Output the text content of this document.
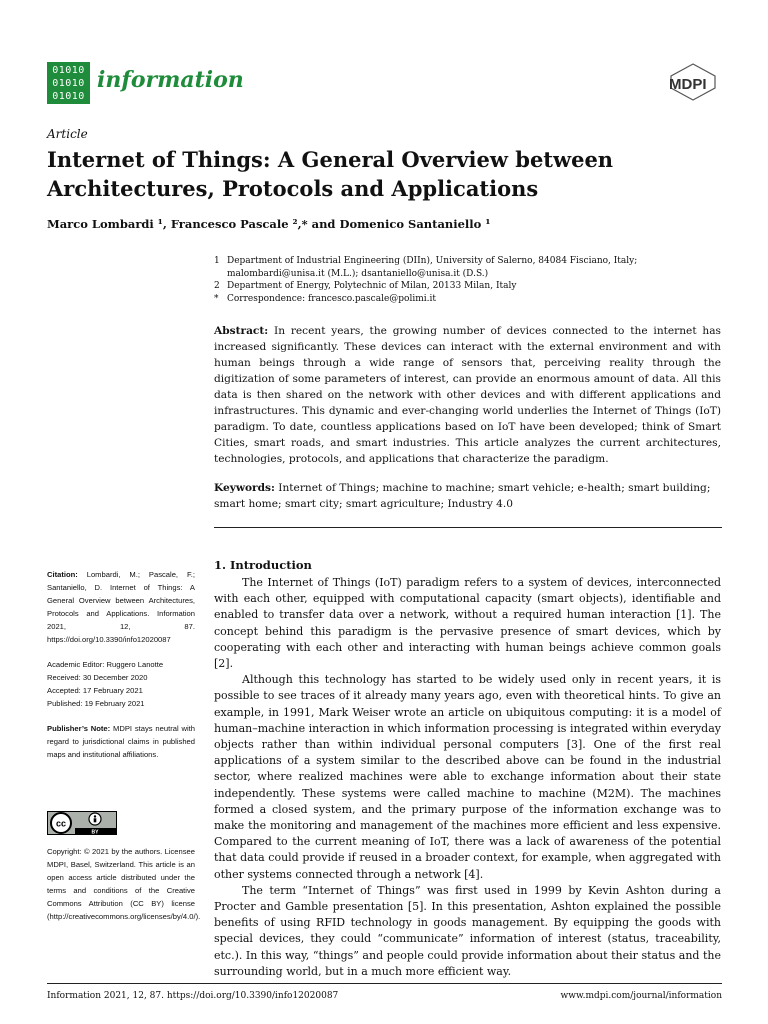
01010
01010
01010
information	MDPI
Article
Internet of Things: A General Overview between Architectures, Protocols and Applications
Marco Lombardi ¹, Francesco Pascale ²,* and Domenico Santaniello ¹
1 Department of Industrial Engineering (DIIn), University of Salerno, 84084 Fisciano, Italy;
malombardi@unisa.it (M.L.); dsantaniello@unisa.it (D.S.)
2 Department of Energy, Polytechnic of Milan, 20133 Milan, Italy
* Correspondence: francesco.pascale@polimi.it
Abstract: In recent years, the growing number of devices connected to the internet has increased significantly. These devices can interact with the external environment and with human beings through a wide range of sensors that, perceiving reality through the digitization of some parameters of interest, can provide an enormous amount of data. All this data is then shared on the network with other devices and with different applications and infrastructures. This dynamic and ever-changing world underlies the Internet of Things (IoT) paradigm. To date, countless applications based on IoT have been developed; think of Smart Cities, smart roads, and smart industries. This article analyzes the current architectures, technologies, protocols, and applications that characterize the paradigm.
Keywords: Internet of Things; machine to machine; smart vehicle; e-health; smart building; smart home; smart city; smart agriculture; Industry 4.0

Citation: Lombardi, M.; Pascale, F.; Santaniello, D. Internet of Things: A General Overview between Architectures, Protocols and Applications. Information 2021, 12, 87. https://doi.org/10.3390/info12020087

Academic Editor: Ruggero Lanotte
Received: 30 December 2020
Accepted: 17 February 2021
Published: 19 February 2021

Publisher’s Note: MDPI stays neutral with regard to jurisdictional claims in published maps and institutional affiliations.

cc
BY
Copyright: © 2021 by the authors. Licensee MDPI, Basel, Switzerland. This article is an open access article distributed under the terms and conditions of the Creative Commons Attribution (CC BY) license (http://creativecommons.org/licenses/by/4.0/).
1. Introduction

The Internet of Things (IoT) paradigm refers to a system of devices, interconnected with each other, equipped with computational capacity (smart objects), identifiable and enabled to transfer data over a network, without a required human interaction [1]. The concept behind this paradigm is the pervasive presence of smart devices, which by cooperating with each other and interacting with human beings achieve common goals [2].

Although this technology has started to be widely used only in recent years, it is possible to see traces of it already many years ago, even with theoretical hints. To give an example, in 1991, Mark Weiser wrote an article on ubiquitous computing: it is a model of human–machine interaction in which information processing is integrated within everyday objects rather than within individual personal computers [3]. One of the first real applications of a system similar to the described above can be found in the industrial sector, where realized machines were able to exchange information about their state independently. These systems were called machine to machine (M2M). The machines formed a closed system, and the primary purpose of the information exchange was to make the monitoring and management of the machines more efficient and less expensive. Compared to the current meaning of IoT, there was a lack of awareness of the potential that data could provide if reused in a broader context, for example, when aggregated with other systems connected through a network [4].

The term “Internet of Things” was first used in 1999 by Kevin Ashton during a Procter and Gamble presentation [5]. In this presentation, Ashton explained the possible benefits of using RFID technology in goods management. By equipping the goods with special devices, they could “communicate” information of interest (status, traceability, etc.). In this way, “things” and people could provide information about their status and the surrounding world, but in a much more efficient way.

Information 2021, 12, 87. https://doi.org/10.3390/info12020087	www.mdpi.com/journal/information
